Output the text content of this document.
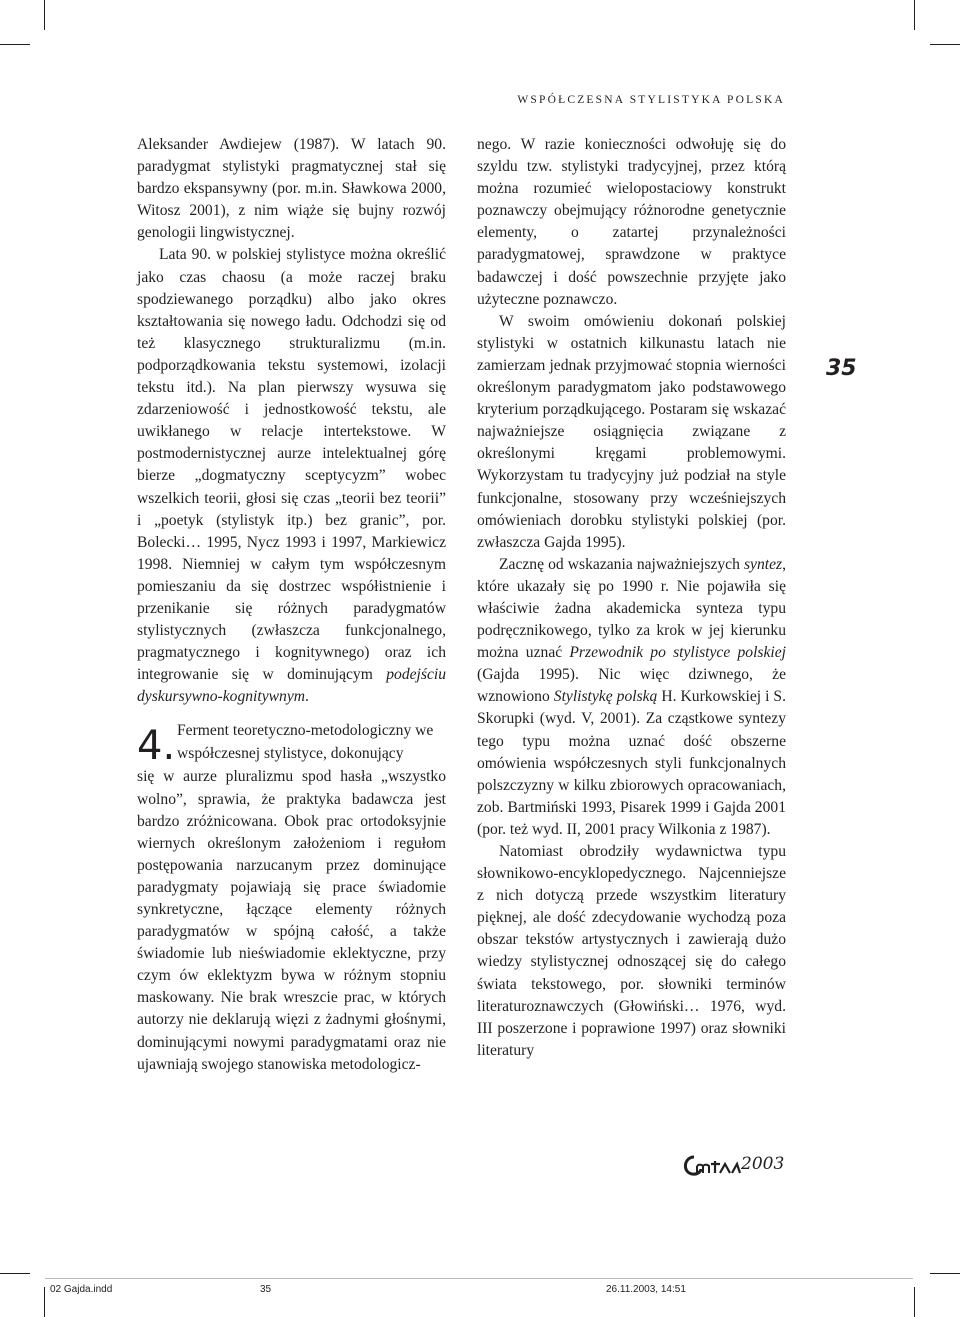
WSPÓŁCZESNA STYLISTYKA POLSKA
35

Aleksander Awdiejew (1987). W latach 90. paradygmat stylistyki pragmatycznej stał się bardzo ekspansywny (por. m.in. Sławkowa 2000, Witosz 2001), z nim wiąże się bujny rozwój genologii lingwistycznej.

Lata 90. w polskiej stylistyce można określić jako czas chaosu (a może raczej braku spodziewanego porządku) albo jako okres kształtowania się nowego ładu. Odchodzi się od też klasycznego strukturalizmu (m.in. podporządkowania tekstu systemowi, izolacji tekstu itd.). Na plan pierwszy wysuwa się zdarzeniowość i jednostkowość tekstu, ale uwikłanego w relacje intertekstowe. W postmodernistycznej aurze intelektualnej górę bierze „dogmatyczny sceptycyzm” wobec wszelkich teorii, głosi się czas „teorii bez teorii” i „poetyk (stylistyk itp.) bez granic”, por. Bolecki… 1995, Nycz 1993 i 1997, Markiewicz 1998. Niemniej w całym tym współczesnym pomieszaniu da się dostrzec współistnienie i przenikanie się różnych paradygmatów stylistycznych (zwłaszcza funkcjonalnego, pragmatycznego i kognitywnego) oraz ich integrowanie się w dominującym podejściu dyskursywno-kognitywnym.

4. Ferment teoretyczno-metodologiczny we współczesnej stylistyce, dokonujący

się w aurze pluralizmu spod hasła „wszystko wolno”, sprawia, że praktyka badawcza jest bardzo zróżnicowana. Obok prac ortodoksyjnie wiernych określonym założeniom i regułom postępowania narzucanym przez dominujące paradygmaty pojawiają się prace świadomie synkretyczne, łączące elementy różnych paradygmatów w spójną całość, a także świadomie lub nieświadomie eklektyczne, przy czym ów eklektyzm bywa w różnym stopniu maskowany. Nie brak wreszcie prac, w których autorzy nie deklarują więzi z żadnymi głośnymi, dominującymi nowymi paradygmatami oraz nie ujawniają swojego stanowiska metodologicz-

nego. W razie konieczności odwołuję się do szyldu tzw. stylistyki tradycyjnej, przez którą można rozumieć wielopostaciowy konstrukt poznawczy obejmujący różnorodne genetycznie elementy, o zatartej przynależności paradygmatowej, sprawdzone w praktyce badawczej i dość powszechnie przyjęte jako użyteczne poznawczo.

W swoim omówieniu dokonań polskiej stylistyki w ostatnich kilkunastu latach nie zamierzam jednak przyjmować stopnia wierności określonym paradygmatom jako podstawowego kryterium porządkującego. Postaram się wskazać najważniejsze osiągnięcia związane z określonymi kręgami problemowymi. Wykorzystam tu tradycyjny już podział na style funkcjonalne, stosowany przy wcześniejszych omówieniach dorobku stylistyki polskiej (por. zwłaszcza Gajda 1995).

Zacznę od wskazania najważniejszych syntez, które ukazały się po 1990 r. Nie pojawiła się właściwie żadna akademicka synteza typu podręcznikowego, tylko za krok w jej kierunku można uznać Przewodnik po stylistyce polskiej (Gajda 1995). Nic więc dziwnego, że wznowiono Stylistykę polską H. Kurkowskiej i S. Skorupki (wyd. V, 2001). Za cząstkowe syntezy tego typu można uznać dość obszerne omówienia współczesnych styli funkcjonalnych polszczyzny w kilku zbiorowych opracowaniach, zob. Bartmiński 1993, Pisarek 1999 i Gajda 2001 (por. też wyd. II, 2001 pracy Wilkonia z 1987).

Natomiast obrodziły wydawnictwa typu słownikowo-encyklopedycznego. Najcenniejsze z nich dotyczą przede wszystkim literatury pięknej, ale dość zdecydowanie wychodzą poza obszar tekstów artystycznych i zawierają dużo wiedzy stylistycznej odnoszącej się do całego świata tekstowego, por. słowniki terminów literaturoznawczych (Głowiński… 1976, wyd. III poszerzone i poprawione 1997) oraz słowniki literatury

2003
02 Gajda.indd	35	26.11.2003, 14:51
